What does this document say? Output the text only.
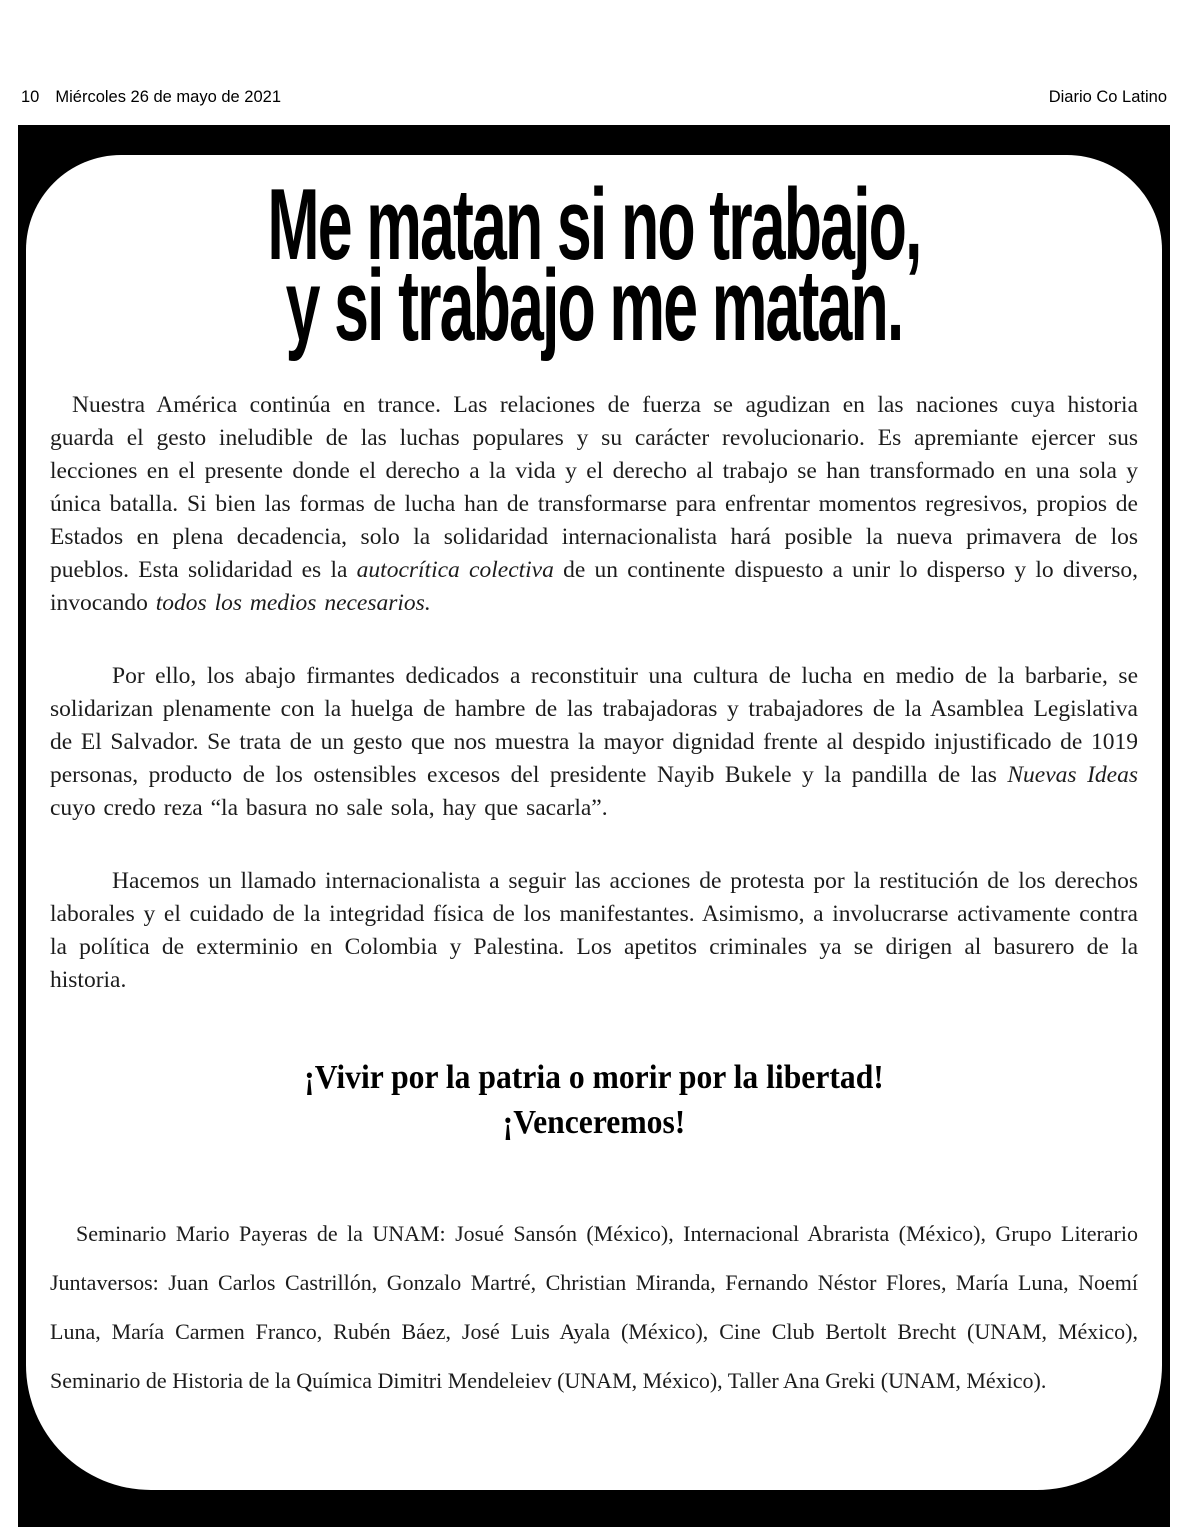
10 Miércoles 26 de mayo de 2021	Diario Co Latino
Me matan si no trabajo,
y si trabajo me matan.

Nuestra América continúa en trance. Las relaciones de fuerza se agudizan en las naciones cuya historia guarda el gesto ineludible de las luchas populares y su carácter revolucionario. Es apremiante ejercer sus lecciones en el presente donde el derecho a la vida y el derecho al trabajo se han transformado en una sola y única batalla. Si bien las formas de lucha han de transformarse para enfrentar momentos regresivos, propios de Estados en plena decadencia, solo la solidaridad internacionalista hará posible la nueva primavera de los pueblos. Esta solidaridad es la autocrítica colectiva de un continente dispuesto a unir lo disperso y lo diverso, invocando todos los medios necesarios.

Por ello, los abajo firmantes dedicados a reconstituir una cultura de lucha en medio de la barbarie, se solidarizan plenamente con la huelga de hambre de las trabajadoras y trabajadores de la Asamblea Legislativa de El Salvador. Se trata de un gesto que nos muestra la mayor dignidad frente al despido injustificado de 1019 personas, producto de los ostensibles excesos del presidente Nayib Bukele y la pandilla de las Nuevas Ideas cuyo credo reza “la basura no sale sola, hay que sacarla”.

Hacemos un llamado internacionalista a seguir las acciones de protesta por la restitución de los derechos laborales y el cuidado de la integridad física de los manifestantes. Asimismo, a involucrarse activamente contra la política de exterminio en Colombia y Palestina. Los apetitos criminales ya se dirigen al basurero de la historia.

¡Vivir por la patria o morir por la libertad!
¡Venceremos!

Seminario Mario Payeras de la UNAM: Josué Sansón (México), Internacional Abrarista (México), Grupo Literario Juntaversos: Juan Carlos Castrillón, Gonzalo Martré, Christian Miranda, Fernando Néstor Flores, María Luna, Noemí Luna, María Carmen Franco, Rubén Báez, José Luis Ayala (México), Cine Club Bertolt Brecht (UNAM, México), Seminario de Historia de la Química Dimitri Mendeleiev (UNAM, México), Taller Ana Greki (UNAM, México).
